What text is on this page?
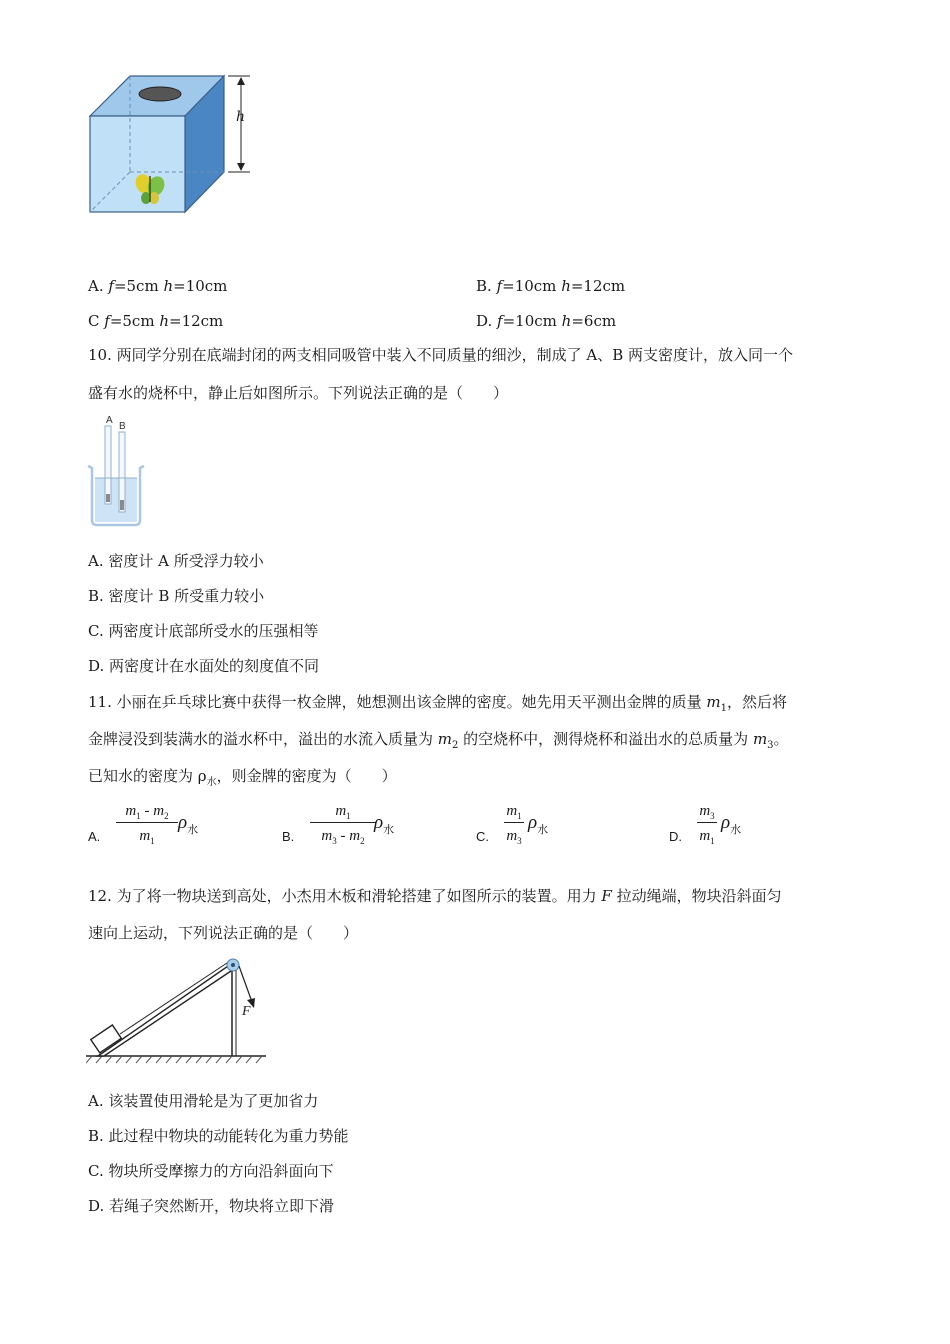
h
A. f=5cm h=10cm	B. f=10cm h=12cm
C f=5cm h=12cm	D. f=10cm h=6cm
10. 两同学分别在底端封闭的两支相同吸管中装入不同质量的细沙，制成了 A、B 两支密度计，放入同一个
盛有水的烧杯中，静止后如图所示。下列说法正确的是（　　）
A
B
A. 密度计 A 所受浮力较小
B. 密度计 B 所受重力较小
C. 两密度计底部所受水的压强相等
D. 两密度计在水面处的刻度值不同
11. 小丽在乒乓球比赛中获得一枚金牌，她想测出该金牌的密度。她先用天平测出金牌的质量 $m_1$，然后将
金牌浸没到装满水的溢水杯中，溢出的水流入质量为 $m_2$ 的空烧杯中，测得烧杯和溢出水的总质量为 $m_3$。
已知水的密度为 $\rho_水$，则金牌的密度为（　　）
A.
$m_1 - m_2$
$m_1$
$\rho_水$	B.
$m_1$
$m_3 - m_2$
$\rho_水$	C.
$m_1$
$m_3$
$\rho_水$	D.
$m_3$
$m_1$
$\rho_水$
12. 为了将一物块送到高处，小杰用木板和滑轮搭建了如图所示的装置。用力 F 拉动绳端，物块沿斜面匀
速向上运动，下列说法正确的是（　　）
F
A. 该装置使用滑轮是为了更加省力
B. 此过程中物块的动能转化为重力势能
C. 物块所受摩擦力的方向沿斜面向下
D. 若绳子突然断开，物块将立即下滑
